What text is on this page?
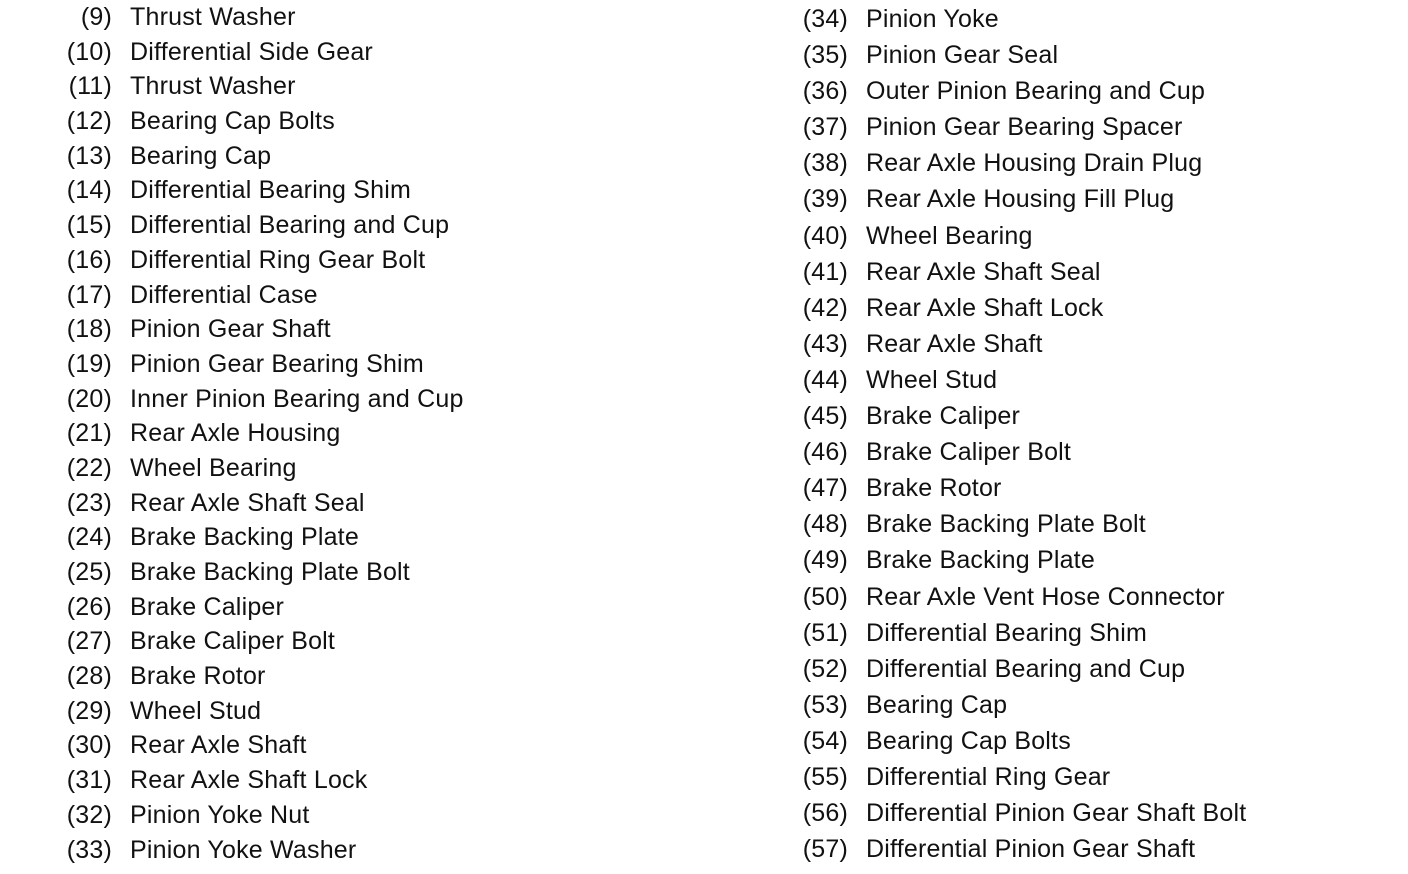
(9) Thrust Washer
(10) Differential Side Gear
(11) Thrust Washer
(12) Bearing Cap Bolts
(13) Bearing Cap
(14) Differential Bearing Shim
(15) Differential Bearing and Cup
(16) Differential Ring Gear Bolt
(17) Differential Case
(18) Pinion Gear Shaft
(19) Pinion Gear Bearing Shim
(20) Inner Pinion Bearing and Cup
(21) Rear Axle Housing
(22) Wheel Bearing
(23) Rear Axle Shaft Seal
(24) Brake Backing Plate
(25) Brake Backing Plate Bolt
(26) Brake Caliper
(27) Brake Caliper Bolt
(28) Brake Rotor
(29) Wheel Stud
(30) Rear Axle Shaft
(31) Rear Axle Shaft Lock
(32) Pinion Yoke Nut
(33) Pinion Yoke Washer
(34) Pinion Yoke
(35) Pinion Gear Seal
(36) Outer Pinion Bearing and Cup
(37) Pinion Gear Bearing Spacer
(38) Rear Axle Housing Drain Plug
(39) Rear Axle Housing Fill Plug
(40) Wheel Bearing
(41) Rear Axle Shaft Seal
(42) Rear Axle Shaft Lock
(43) Rear Axle Shaft
(44) Wheel Stud
(45) Brake Caliper
(46) Brake Caliper Bolt
(47) Brake Rotor
(48) Brake Backing Plate Bolt
(49) Brake Backing Plate
(50) Rear Axle Vent Hose Connector
(51) Differential Bearing Shim
(52) Differential Bearing and Cup
(53) Bearing Cap
(54) Bearing Cap Bolts
(55) Differential Ring Gear
(56) Differential Pinion Gear Shaft Bolt
(57) Differential Pinion Gear Shaft
